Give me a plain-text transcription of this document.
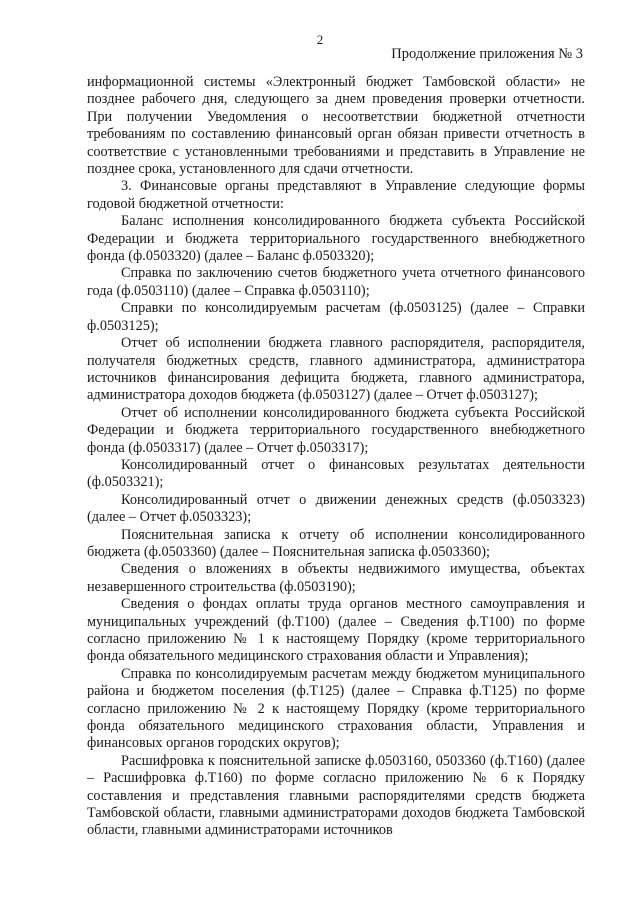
2
Продолжение приложения № 3

информационной системы «Электронный бюджет Тамбовской области» не позднее рабочего дня, следующего за днем проведения проверки отчетности. При получении Уведомления о несоответствии бюджетной отчетности требованиям по составлению финансовый орган обязан привести отчетность в соответствие с установленными требованиями и представить в Управление не позднее срока, установленного для сдачи отчетности.

3. Финансовые органы представляют в Управление следующие формы годовой бюджетной отчетности:

Баланс исполнения консолидированного бюджета субъекта Российской Федерации и бюджета территориального государственного внебюджетного фонда (ф.0503320) (далее – Баланс ф.0503320);

Справка по заключению счетов бюджетного учета отчетного финансового года (ф.0503110) (далее – Справка ф.0503110);

Справки по консолидируемым расчетам (ф.0503125) (далее – Справки ф.0503125);

Отчет об исполнении бюджета главного распорядителя, распорядителя, получателя бюджетных средств, главного администратора, администратора источников финансирования дефицита бюджета, главного администратора, администратора доходов бюджета (ф.0503127) (далее – Отчет ф.0503127);

Отчет об исполнении консолидированного бюджета субъекта Российской Федерации и бюджета территориального государственного внебюджетного фонда (ф.0503317) (далее – Отчет ф.0503317);

Консолидированный отчет о финансовых результатах деятельности (ф.0503321);

Консолидированный отчет о движении денежных средств (ф.0503323) (далее – Отчет ф.0503323);

Пояснительная записка к отчету об исполнении консолидированного бюджета (ф.0503360) (далее – Пояснительная записка ф.0503360);

Сведения о вложениях в объекты недвижимого имущества, объектах незавершенного строительства (ф.0503190);

Сведения о фондах оплаты труда органов местного самоуправления и муниципальных учреждений (ф.Т100) (далее – Сведения ф.Т100) по форме согласно приложению № 1 к настоящему Порядку (кроме территориального фонда обязательного медицинского страхования области и Управления);

Справка по консолидируемым расчетам между бюджетом муниципального района и бюджетом поселения (ф.Т125) (далее – Справка ф.Т125) по форме согласно приложению № 2 к настоящему Порядку (кроме территориального фонда обязательного медицинского страхования области, Управления и финансовых органов городских округов);

Расшифровка к пояснительной записке ф.0503160, 0503360 (ф.Т160) (далее – Расшифровка ф.Т160) по форме согласно приложению № 6 к Порядку составления и представления главными распорядителями средств бюджета Тамбовской области, главными администраторами доходов бюджета Тамбовской области, главными администраторами источников
